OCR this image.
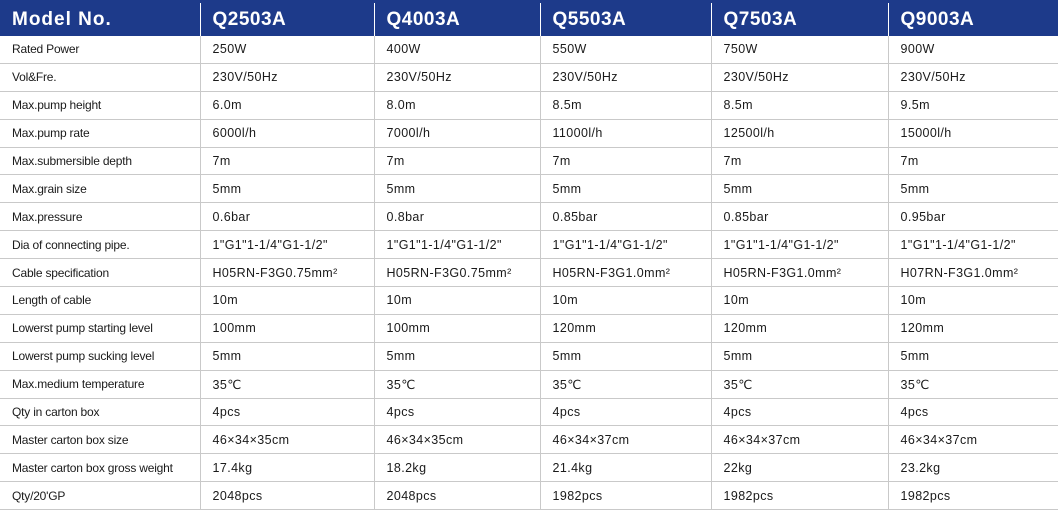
Model No.	Q2503A	Q4003A	Q5503A	Q7503A	Q9003A
Rated Power	250W	400W	550W	750W	900W
Vol&Fre.	230V/50Hz	230V/50Hz	230V/50Hz	230V/50Hz	230V/50Hz
Max.pump height	6.0m	8.0m	8.5m	8.5m	9.5m
Max.pump rate	6000l/h	7000l/h	11000l/h	12500l/h	15000l/h
Max.submersible depth	7m	7m	7m	7m	7m
Max.grain size	5mm	5mm	5mm	5mm	5mm
Max.pressure	0.6bar	0.8bar	0.85bar	0.85bar	0.95bar
Dia of connecting pipe.	1"G1"1-1/4"G1-1/2"	1"G1"1-1/4"G1-1/2"	1"G1"1-1/4"G1-1/2"	1"G1"1-1/4"G1-1/2"	1"G1"1-1/4"G1-1/2"
Cable specification	H05RN-F3G0.75mm²	H05RN-F3G0.75mm²	H05RN-F3G1.0mm²	H05RN-F3G1.0mm²	H07RN-F3G1.0mm²
Length of cable	10m	10m	10m	10m	10m
Lowerst pump starting level	100mm	100mm	120mm	120mm	120mm
Lowerst pump sucking level	5mm	5mm	5mm	5mm	5mm
Max.medium temperature	35℃	35℃	35℃	35℃	35℃
Qty in carton box	4pcs	4pcs	4pcs	4pcs	4pcs
Master carton box size	46×34×35cm	46×34×35cm	46×34×37cm	46×34×37cm	46×34×37cm
Master carton box gross weight	17.4kg	18.2kg	21.4kg	22kg	23.2kg
Qty/20'GP	2048pcs	2048pcs	1982pcs	1982pcs	1982pcs
